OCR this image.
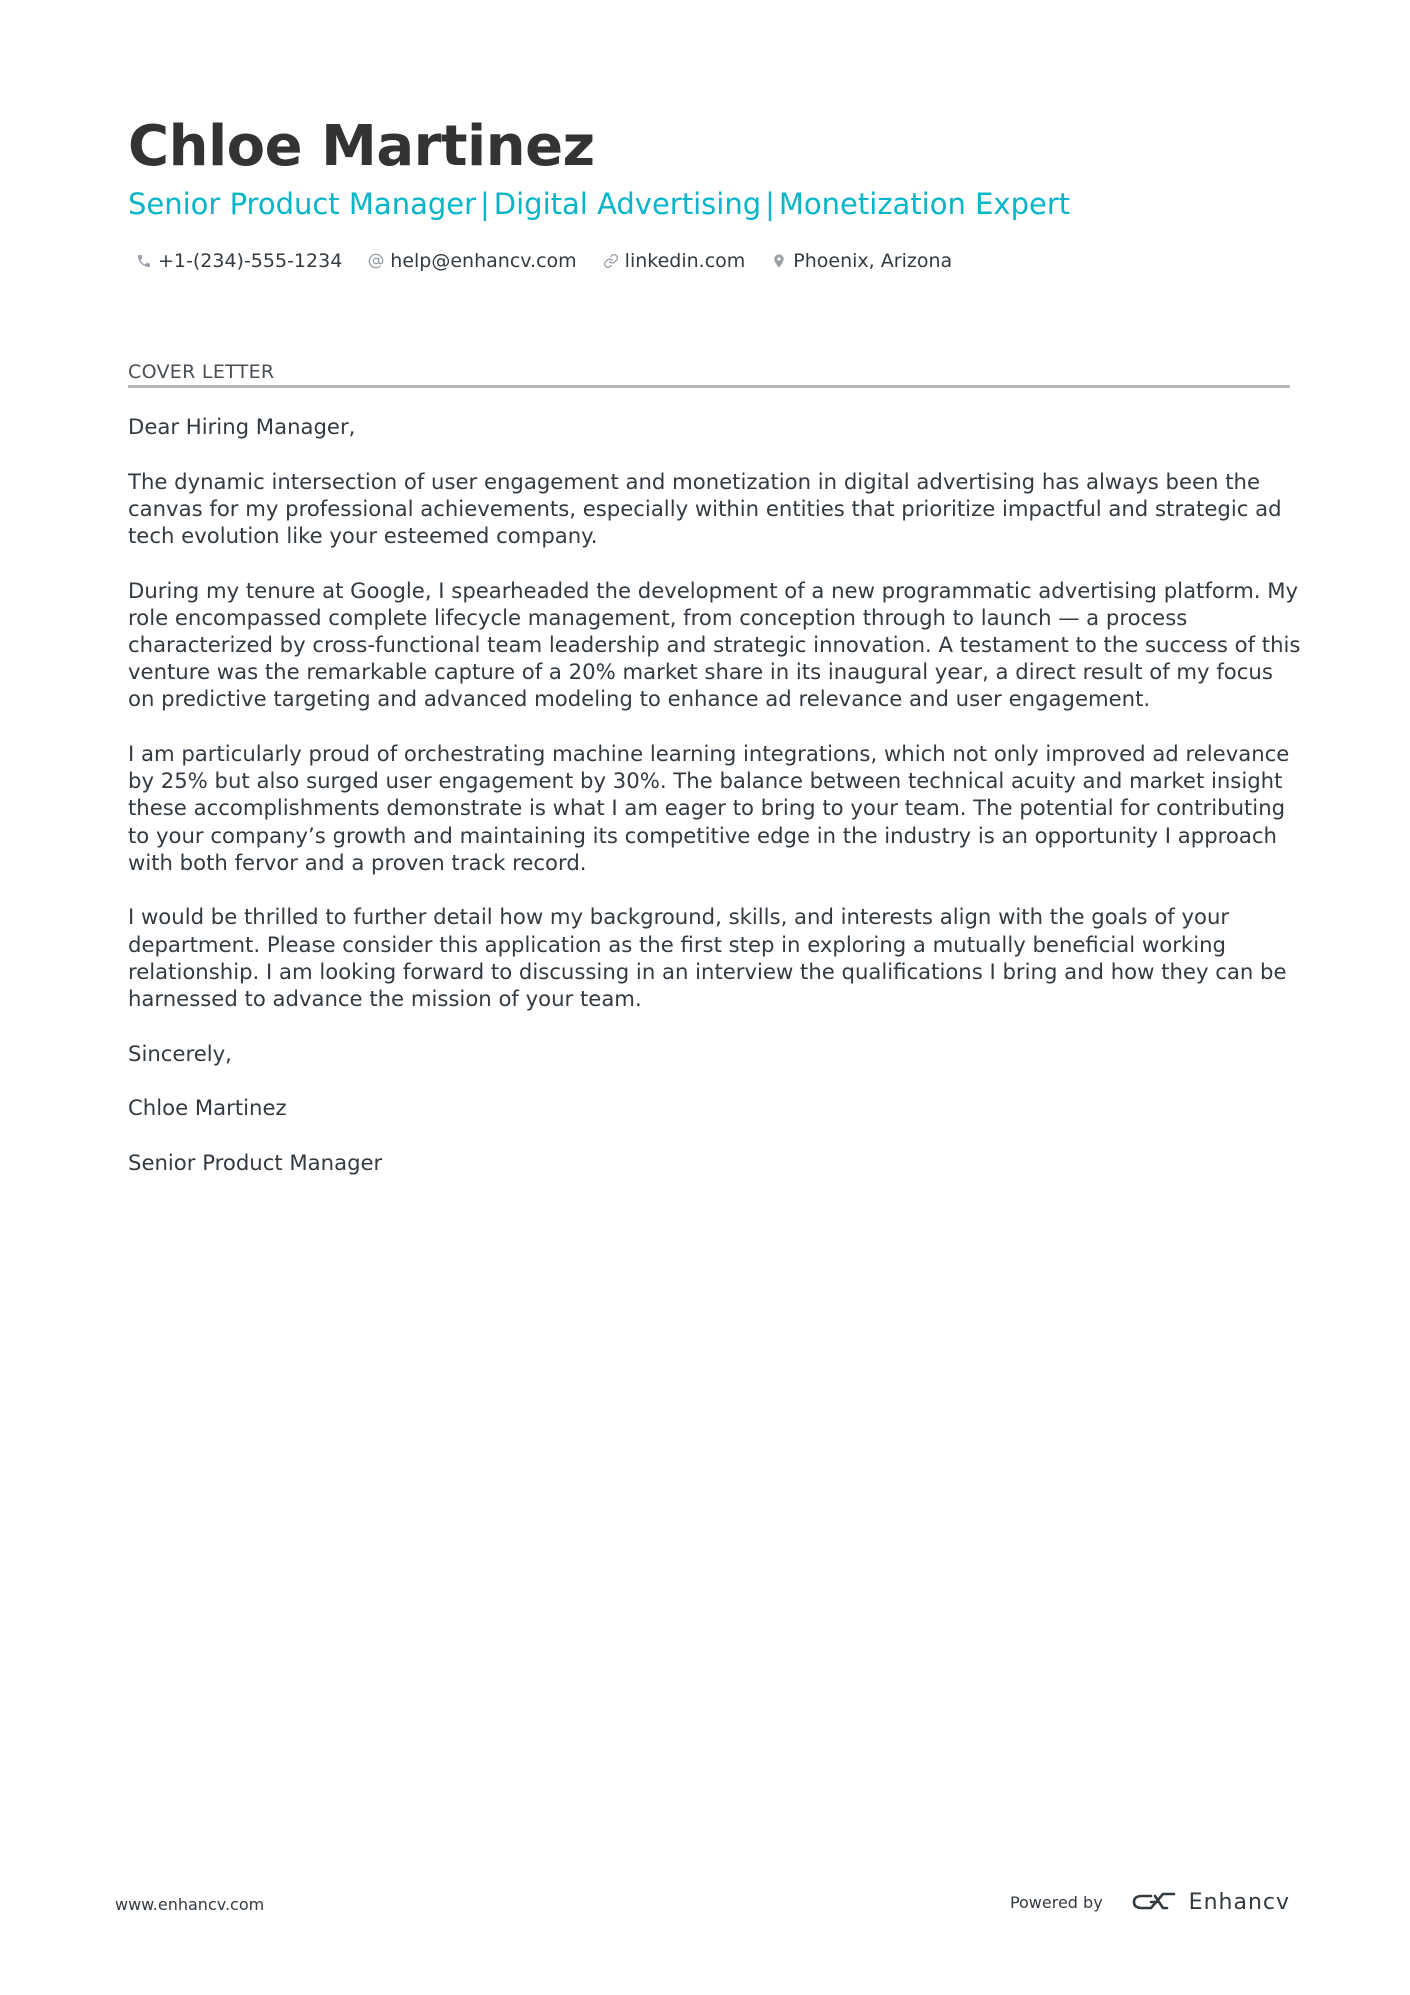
Chloe Martinez
Senior Product Manager | Digital Advertising | Monetization Expert
+1-(234)-555-1234	help@enhancv.com	linkedin.com	Phoenix, Arizona
COVER LETTER

Dear Hiring Manager,

The dynamic intersection of user engagement and monetization in digital advertising has always been the canvas for my professional achievements, especially within entities that prioritize impactful and strategic ad tech evolution like your esteemed company.

During my tenure at Google, I spearheaded the development of a new programmatic advertising platform. My role encompassed complete lifecycle management, from conception through to launch — a process characterized by cross-functional team leadership and strategic innovation. A testament to the success of this venture was the remarkable capture of a 20% market share in its inaugural year, a direct result of my focus on predictive targeting and advanced modeling to enhance ad relevance and user engagement.

I am particularly proud of orchestrating machine learning integrations, which not only improved ad relevance by 25% but also surged user engagement by 30%. The balance between technical acuity and market insight these accomplishments demonstrate is what I am eager to bring to your team. The potential for contributing to your company’s growth and maintaining its competitive edge in the industry is an opportunity I approach with both fervor and a proven track record.

I would be thrilled to further detail how my background, skills, and interests align with the goals of your department. Please consider this application as the first step in exploring a mutually beneficial working relationship. I am looking forward to discussing in an interview the qualifications I bring and how they can be harnessed to advance the mission of your team.

Sincerely,

Chloe Martinez

Senior Product Manager

www.enhancv.com	Powered by	Enhancv
